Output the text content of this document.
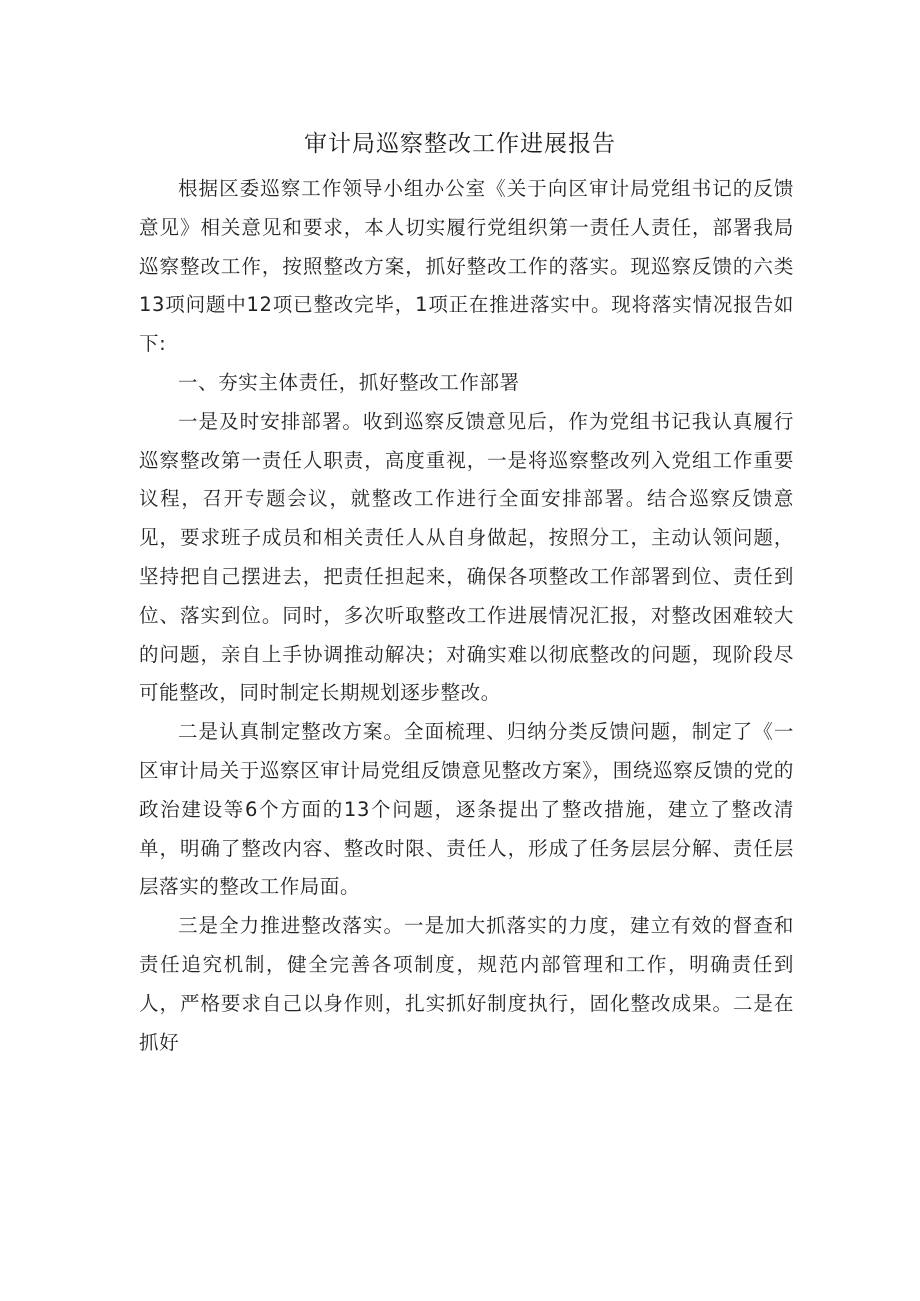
审计局巡察整改工作进展报告

根据区委巡察工作领导小组办公室《关于向区审计局党组书记的反馈意见》相关意见和要求，本人切实履行党组织第一责任人责任，部署我局巡察整改工作，按照整改方案，抓好整改工作的落实。现巡察反馈的六类13项问题中12项已整改完毕，1项正在推进落实中。现将落实情况报告如下:

一、夯实主体责任，抓好整改工作部署

一是及时安排部署。收到巡察反馈意见后，作为党组书记我认真履行巡察整改第一责任人职责，高度重视，一是将巡察整改列入党组工作重要议程，召开专题会议，就整改工作进行全面安排部署。结合巡察反馈意见，要求班子成员和相关责任人从自身做起，按照分工，主动认领问题，坚持把自己摆进去，把责任担起来，确保各项整改工作部署到位、责任到位、落实到位。同时，多次听取整改工作进展情况汇报，对整改困难较大的问题，亲自上手协调推动解决；对确实难以彻底整改的问题，现阶段尽可能整改，同时制定长期规划逐步整改。

二是认真制定整改方案。全面梳理、归纳分类反馈问题，制定了《一区审计局关于巡察区审计局党组反馈意见整改方案》，围绕巡察反馈的党的政治建设等6个方面的13个问题，逐条提出了整改措施，建立了整改清单，明确了整改内容、整改时限、责任人，形成了任务层层分解、责任层层落实的整改工作局面。

三是全力推进整改落实。一是加大抓落实的力度，建立有效的督查和责任追究机制，健全完善各项制度，规范内部管理和工作，明确责任到人，严格要求自己以身作则，扎实抓好制度执行，固化整改成果。二是在抓好
